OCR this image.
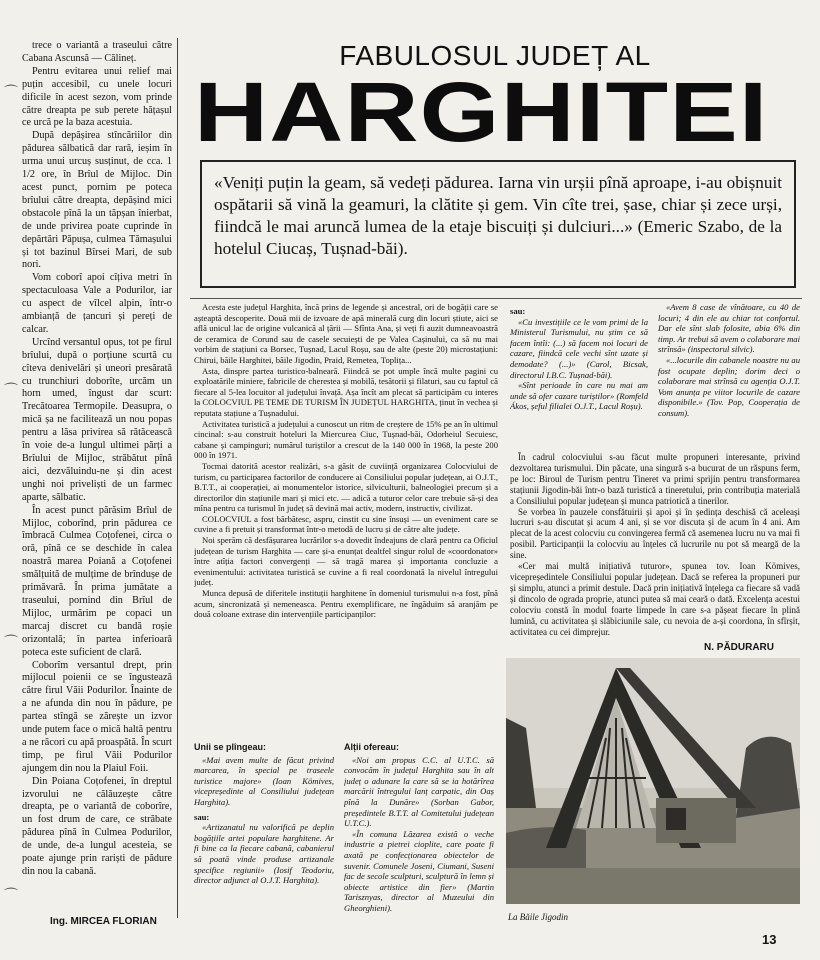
trece o variantă a traseului către Cabana Ascunsă — Călineț.

Pentru evitarea unui relief mai puțin accesibil, cu unele locuri dificile în acest sezon, vom prinde către dreapta pe sub perete hățașul ce urcă pe la baza acestuia.

După depășirea stîncăriilor din pădurea sălbatică dar rară, ieșim în urma unui urcuș susținut, de cca. 1 1/2 ore, în Brîul de Mijloc. Din acest punct, pornim pe poteca brîului către dreapta, depășind mici obstacole pînă la un tăpșan înierbat, de unde privirea poate cuprinde în depărtări Păpușa, culmea Tămașului și tot bazinul Bîrsei Mari, de sub nori.

Vom coborî apoi cîțiva metri în spectaculoasa Vale a Podurilor, iar cu aspect de vîlcel alpin, într-o ambianță de țancuri și pereți de calcar.

Urcînd versantul opus, tot pe firul brîului, după o porțiune scurtă cu cîteva denivelări și uneori presărată cu trunchiuri doborîte, urcăm un horn umed, îngust dar scurt: Trecătoarea Termopile. Deasupra, o mică șa ne facilitează un nou popas pentru a lăsa privirea să rătăcească în voie de-a lungul ultimei părți a Brîului de Mijloc, străbătut pînă aici, dezvăluindu-ne și din acest unghi noi priveliști de un farmec aparte, sălbatic.

În acest punct părăsim Brîul de Mijloc, coborînd, prin pădurea ce îmbracă Culmea Coțofenei, circa o oră, pînă ce se deschide în calea noastră marea Poiană a Coțofenei smălțuită de mulțime de brîndușe de primăvară. În prima jumătate a traseului, pornind din Brîul de Mijloc, urmărim pe copaci un marcaj discret cu bandă roșie orizontală; în partea inferioară poteca este suficient de clară.

Coborîm versantul drept, prin mijlocul poienii ce se îngustează către firul Văii Podurilor. Înainte de a ne afunda din nou în pădure, pe partea stîngă se zărește un izvor unde putem face o mică haltă pentru a ne răcori cu apă proaspătă. În scurt timp, pe firul Văii Podurilor ajungem din nou la Plaiul Foii.

Din Poiana Coțofenei, în dreptul izvorului ne călăuzește către dreapta, pe o variantă de coborîre, un fost drum de care, ce străbate pădurea pînă în Culmea Podurilor, de unde, de-a lungul acesteia, se poate ajunge prin rariști de pădure din nou la cabană.

Ing. MIRCEA FLORIAN
⌒
⌒
⌒
⌒
FABULOSUL JUDEȚ AL
HARGHITEI
«Veniți puțin la geam, să vedeți pădurea. Iarna vin urșii pînă aproape, i-au obișnuit ospătarii să vină la geamuri, la clătite și gem. Vin cîte trei, șase, chiar și zece urși, fiindcă le mai aruncă lumea de la etaje biscuiți și dulciuri...» (Emeric Szabo, de la hotelul Ciucaș, Tușnad-băi).

Acesta este județul Harghita, încă prins de legende și ancestral, ori de bogății care se așteaptă descoperite. Două mii de izvoare de apă minerală curg din locuri știute, aici se află unicul lac de origine vulcanică al țării — Sfînta Ana, și veți fi auzit dumneavoastră de ceramica de Corund sau de casele secuiești de pe Valea Cașinului, ca să nu mai vorbim de stațiuni ca Borsec, Tușnad, Lacul Roșu, sau de alte (peste 20) microstațiuni: Chirui, băile Harghitei, băile Jigodin, Praid, Remetea, Toplița...

Asta, dinspre partea turistico-balneară. Fiindcă se pot umple încă multe pagini cu exploatările miniere, fabricile de cherestea și mobilă, tesătorii și filaturi, sau cu faptul că fiecare al 5-lea locuitor al județului învață. Așa încît am plecat să participăm cu interes la COLOCVIUL PE TEME DE TURISM ÎN JUDEȚUL HARGHITA, ținut în vechea și reputata stațiune a Tușnadului.

Activitatea turistică a județului a cunoscut un ritm de creștere de 15% pe an în ultimul cincinal: s-au construit hoteluri la Miercurea Ciuc, Tușnad-băi, Odorheiul Secuiesc, cabane și campinguri; numărul turiștilor a crescut de la 140 000 în 1968, la peste 200 000 în 1971.

Tocmai datorită acestor realizări, s-a găsit de cuviință organizarea Colocviului de turism, cu participarea factorilor de conducere ai Consiliului popular județean, ai O.J.T., B.T.T., ai cooperației, ai monumentelor istorice, silviculturii, balneologiei precum și a directorilor din stațiunile mari și mici etc. — adică a tuturor celor care trebuie să-și dea mîna pentru ca turismul în județ să devină mai activ, modern, instructiv, civilizat.

COLOCVIUL a fost bărbătesc, aspru, cinstit cu sine însuși — un eveniment care se cuvine a fi pretuit și transformat într-o metodă de lucru și de către alte județe.

Noi sperăm că desfășurarea lucrărilor s-a dovedit îndeajuns de clară pentru ca Oficiul județean de turism Harghita — care și-a enunțat dealtfel singur rolul de «coordonator» între atîția factori convergenți — să tragă marea și importanta concluzie a evenimentului: activitatea turistică se cuvine a fi real coordonată la nivelul întregului județ.

Munca depusă de diferitele instituții harghitene în domeniul turismului n-a fost, pînă acum, sincronizată și nemeneasca. Pentru exemplificare, ne îngăduim să aranjăm pe două coloane extrase din intervențiile participanților:

Unii se plîngeau:

«Mai avem multe de făcut privind marcarea, în special pe traseele turistice majore» (Ioan Kömives, vicepreședinte al Consiliului județean Harghita).

sau:

«Artizanatul nu valorifică pe deplin bogățiile artei populare harghitene. Ar fi bine ca la fiecare cabană, cabanierul să poată vinde produse artizanale specifice regiunii» (Iosif Teodoriu, director adjunct al O.J.T. Harghita).

Alții ofereau:

«Noi am propus C.C. al U.T.C. să convocăm în județul Harghita sau în alt județ o adunare la care să se ia hotărîrea marcării întregului lanț carpatic, din Oaș pînă la Dunăre» (Sorban Gabor, președintele B.T.T. al Comitetului județean U.T.C.).

«În comuna Lăzarea există o veche industrie a pietrei cioplite, care poate fi axată pe confecționarea obiectelor de suvenir. Comunele Joseni, Ciumani, Suseni fac de secole sculpturi, sculptură în lemn și obiecte artistice din fier» (Martin Tarisznyas, director al Muzeului din Gheorghieni).

sau:

«Cu investițiile ce le vom primi de la Ministerul Turismului, nu știm ce să facem întîi: (...) să facem noi locuri de cazare, fiindcă cele vechi sînt uzate și demodate? (...)» (Carol, Bicsak, directorul I.B.C. Tușnad-băi).

«Sînt perioade în care nu mai am unde să ofer cazare turiștilor» (Romfeld Ákos, șeful filialei O.J.T., Lacul Roșu).

«Avem 8 case de vînătoare, cu 40 de locuri; 4 din ele au chiar tot confortul. Dar ele sînt slab folosite, abia 6% din timp. Ar trebui să avem o colaborare mai strînsă» (inspectorul silvic).

«...locurile din cabanele noastre nu au fost ocupate deplin; dorim deci o colaborare mai strînsă cu agenția O.J.T. Vom anunța pe viitor locurile de cazare disponibile.» (Tov. Pop, Cooperația de consum).

În cadrul colocviului s-au făcut multe propuneri interesante, privind dezvoltarea turismului. Din păcate, una singură s-a bucurat de un răspuns ferm, pe loc: Biroul de Turism pentru Tineret va primi sprijin pentru transformarea stațiunii Jigodin-băi într-o bază turistică a tineretului, prin contribuția materială a Consiliului popular județean și munca patriotică a tinerilor.

Se vorbea în pauzele consfătuirii și apoi și în ședința deschisă că aceleași lucruri s-au discutat și acum 4 ani, și se vor discuta și de acum în 4 ani. Am plecat de la acest colocviu cu convingerea fermă că asemenea lucru nu va mai fi posibil. Participanții la colocviu au înțeles că lucrurile nu pot să meargă de la sine.

«Cer mai multă inițiativă tuturor», spunea tov. Ioan Kömives, vicepreședintele Consiliului popular județean. Dacă se referea la propuneri pur și simplu, atunci a primit destule. Dacă prin inițiativă înțelega ca fiecare să vadă și dincolo de ograda proprie, atunci putea să mai ceară o dată. Excelența acestui colocviu constă în modul foarte limpede în care s-a pășeat fiecare în plină lumină, cu activitatea și slăbiciunile sale, cu nevoia de a-și coordona, în sfîrșit, activitatea cu cei dimprejur.

N. PĂDURARU
La Băile Jigodin
13
